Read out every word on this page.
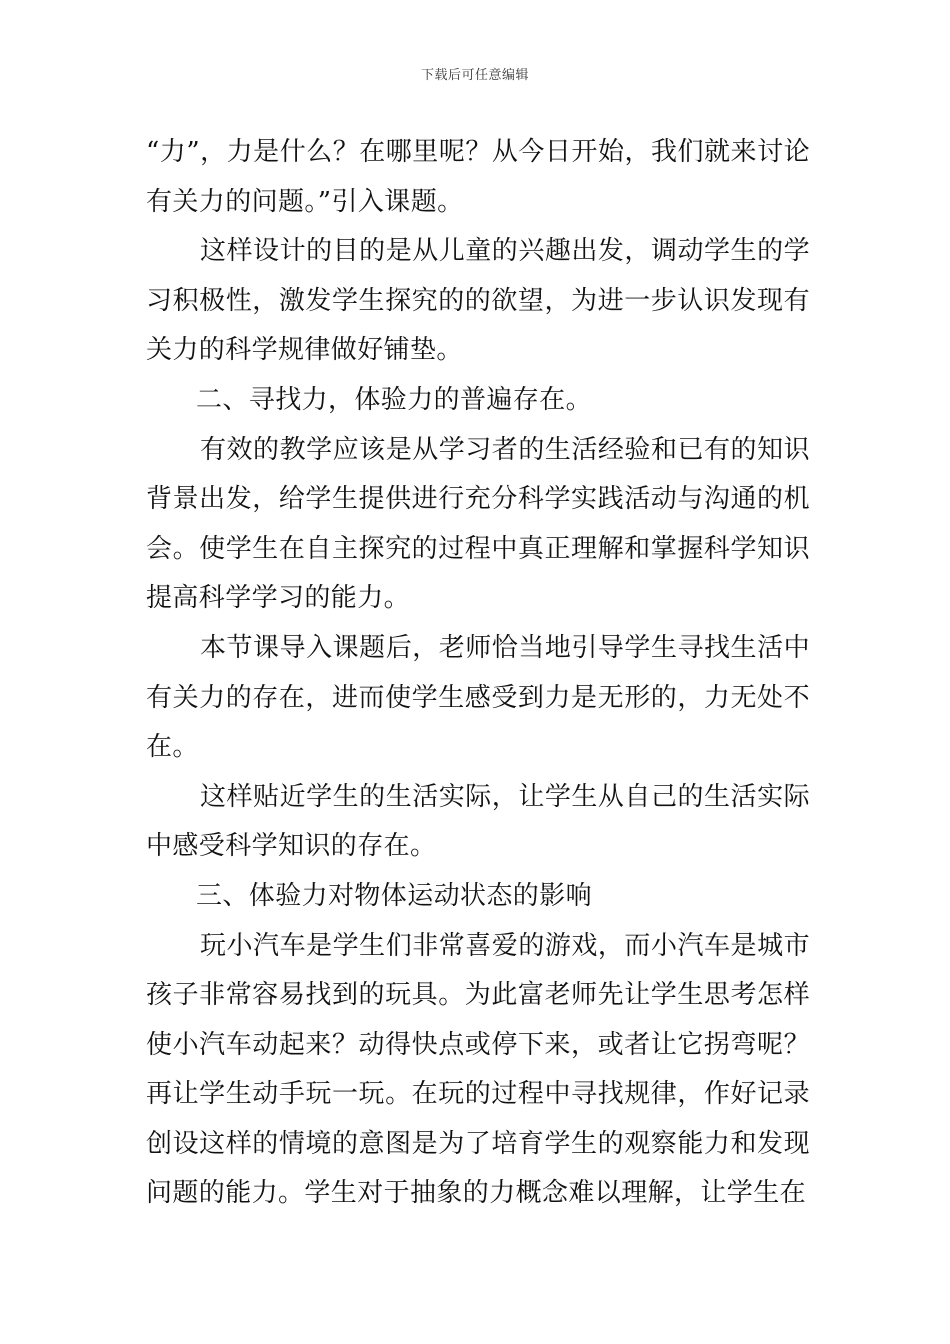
下载后可任意编辑

“力”，力是什么？在哪里呢？从今日开始，我们就来讨论有关力的问题。”引入课题。

这样设计的目的是从儿童的兴趣出发，调动学生的学习积极性，激发学生探究的的欲望，为进一步认识发现有关力的科学规律做好铺垫。

二、寻找力，体验力的普遍存在。

有效的教学应该是从学习者的生活经验和已有的知识背景出发，给学生提供进行充分科学实践活动与沟通的机会。使学生在自主探究的过程中真正理解和掌握科学知识提高科学学习的能力。

本节课导入课题后，老师恰当地引导学生寻找生活中有关力的存在，进而使学生感受到力是无形的，力无处不在。

这样贴近学生的生活实际，让学生从自己的生活实际中感受科学知识的存在。

三、体验力对物体运动状态的影响

玩小汽车是学生们非常喜爱的游戏，而小汽车是城市孩子非常容易找到的玩具。为此富老师先让学生思考怎样使小汽车动起来？动得快点或停下来，或者让它拐弯呢？再让学生动手玩一玩。在玩的过程中寻找规律，作好记录创设这样的情境的意图是为了培育学生的观察能力和发现问题的能力。学生对于抽象的力概念难以理解，让学生在
